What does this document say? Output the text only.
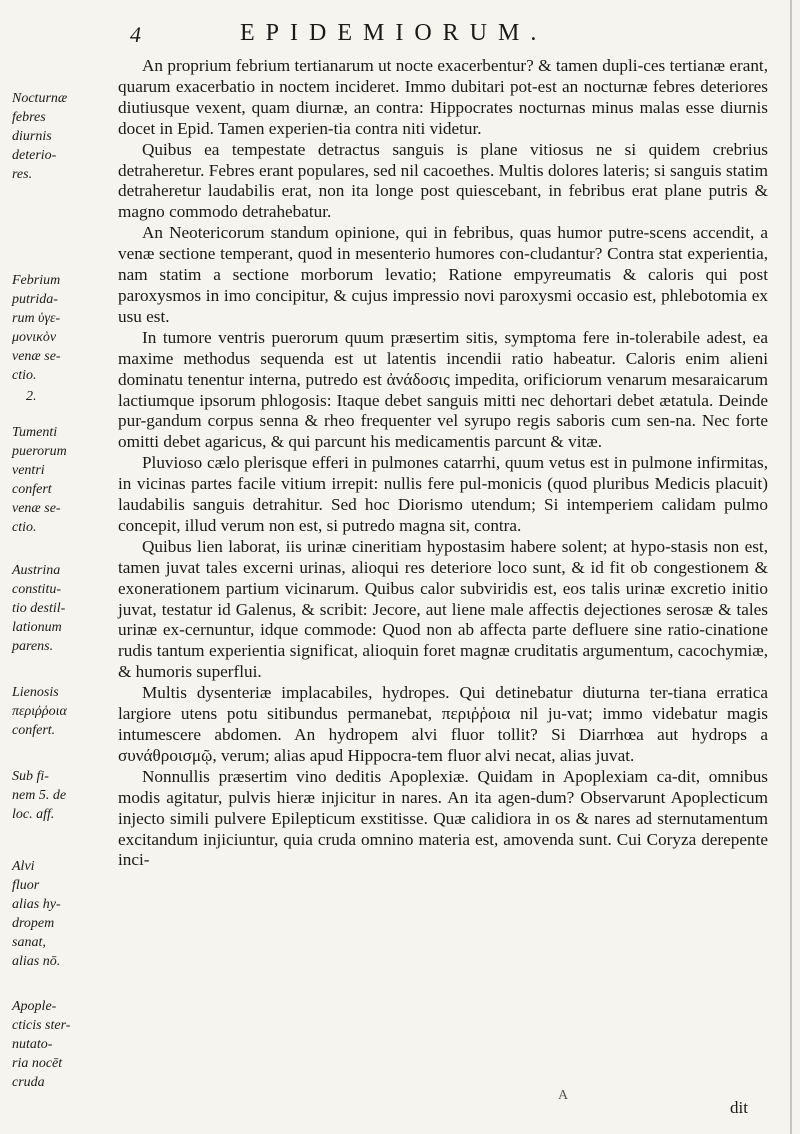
4	EPIDEMIORUM.
Nocturnæ
febres
diurnis
deterio-
res.
Febrium
putrida-
rum ὑγε-
μονικὸν
venæ se-
ctio.
2.
Tumenti
puerorum
ventri
confert
venæ se-
ctio.
Austrina
constitu-
tio destil-
lationum
parens.
Lienosis
περιῤῥοια
confert.
Sub fi-
nem 5. de
loc. aff.
Alvi
fluor
alias hy-
dropem
sanat,
alias nō.
Apople-
cticis ster-
nutato-
ria nocēt
cruda

An proprium febrium tertianarum ut nocte exacerbentur? & tamen dupli-ces tertianæ erant, quarum exacerbatio in noctem incideret. Immo dubitari pot-est an nocturnæ febres deteriores diutiusque vexent, quam diurnæ, an contra: Hippocrates nocturnas minus malas esse diurnis docet in Epid. Tamen experien-tia contra niti videtur.

Quibus ea tempestate detractus sanguis is plane vitiosus ne si quidem crebrius detraheretur. Febres erant populares, sed nil cacoethes. Multis dolores lateris; si sanguis statim detraheretur laudabilis erat, non ita longe post quiescebant, in febribus erat plane putris & magno commodo detrahebatur.

An Neotericorum standum opinione, qui in febribus, quas humor putre-scens accendit, a venæ sectione temperant, quod in mesenterio humores con-cludantur? Contra stat experientia, nam statim a sectione morborum levatio; Ratione empyreumatis & caloris qui post paroxysmos in imo concipitur, & cujus impressio novi paroxysmi occasio est, phlebotomia ex usu est.

In tumore ventris puerorum quum præsertim sitis, symptoma fere in-tolerabile adest, ea maxime methodus sequenda est ut latentis incendii ratio habeatur. Caloris enim alieni dominatu tenentur interna, putredo est ἀνάδοσις impedita, orificiorum venarum mesaraicarum lactiumque ipsorum phlogosis: Itaque debet sanguis mitti nec dehortari debet ætatula. Deinde pur-gandum corpus senna & rheo frequenter vel syrupo regis saboris cum sen-na. Nec forte omitti debet agaricus, & qui parcunt his medicamentis parcunt & vitæ.

Pluvioso cælo plerisque efferi in pulmones catarrhi, quum vetus est in pulmone infirmitas, in vicinas partes facile vitium irrepit: nullis fere pul-monicis (quod pluribus Medicis placuit) laudabilis sanguis detrahitur. Sed hoc Diorismo utendum; Si intemperiem calidam pulmo concepit, illud verum non est, si putredo magna sit, contra.

Quibus lien laborat, iis urinæ cineritiam hypostasim habere solent; at hypo-stasis non est, tamen juvat tales excerni urinas, alioqui res deteriore loco sunt, & id fit ob congestionem & exonerationem partium vicinarum. Quibus calor subviridis est, eos talis urinæ excretio initio juvat, testatur id Galenus, & scribit: Jecore, aut liene male affectis dejectiones serosæ & tales urinæ ex-cernuntur, idque commode: Quod non ab affecta parte defluere sine ratio-cinatione rudis tantum experientia significat, alioquin foret magnæ cruditatis argumentum, cacochymiæ, & humoris superflui.

Multis dysenteriæ implacabiles, hydropes. Qui detinebatur diuturna ter-tiana erratica largiore utens potu sitibundus permanebat, περιῤῥοια nil ju-vat; immo videbatur magis intumescere abdomen. An hydropem alvi fluor tollit? Si Diarrhœa aut hydrops a συνάθροισμῷ, verum; alias apud Hippocra-tem fluor alvi necat, alias juvat.

Nonnullis præsertim vino deditis Apoplexiæ. Quidam in Apoplexiam ca-dit, omnibus modis agitatur, pulvis hieræ injicitur in nares. An ita agen-dum? Observarunt Apoplecticum injecto simili pulvere Epilepticum exstitisse. Quæ calidiora in os & nares ad sternutamentum excitandum injiciuntur, quia cruda omnino materia est, amovenda sunt. Cui Coryza derepente inci-

A
dit
